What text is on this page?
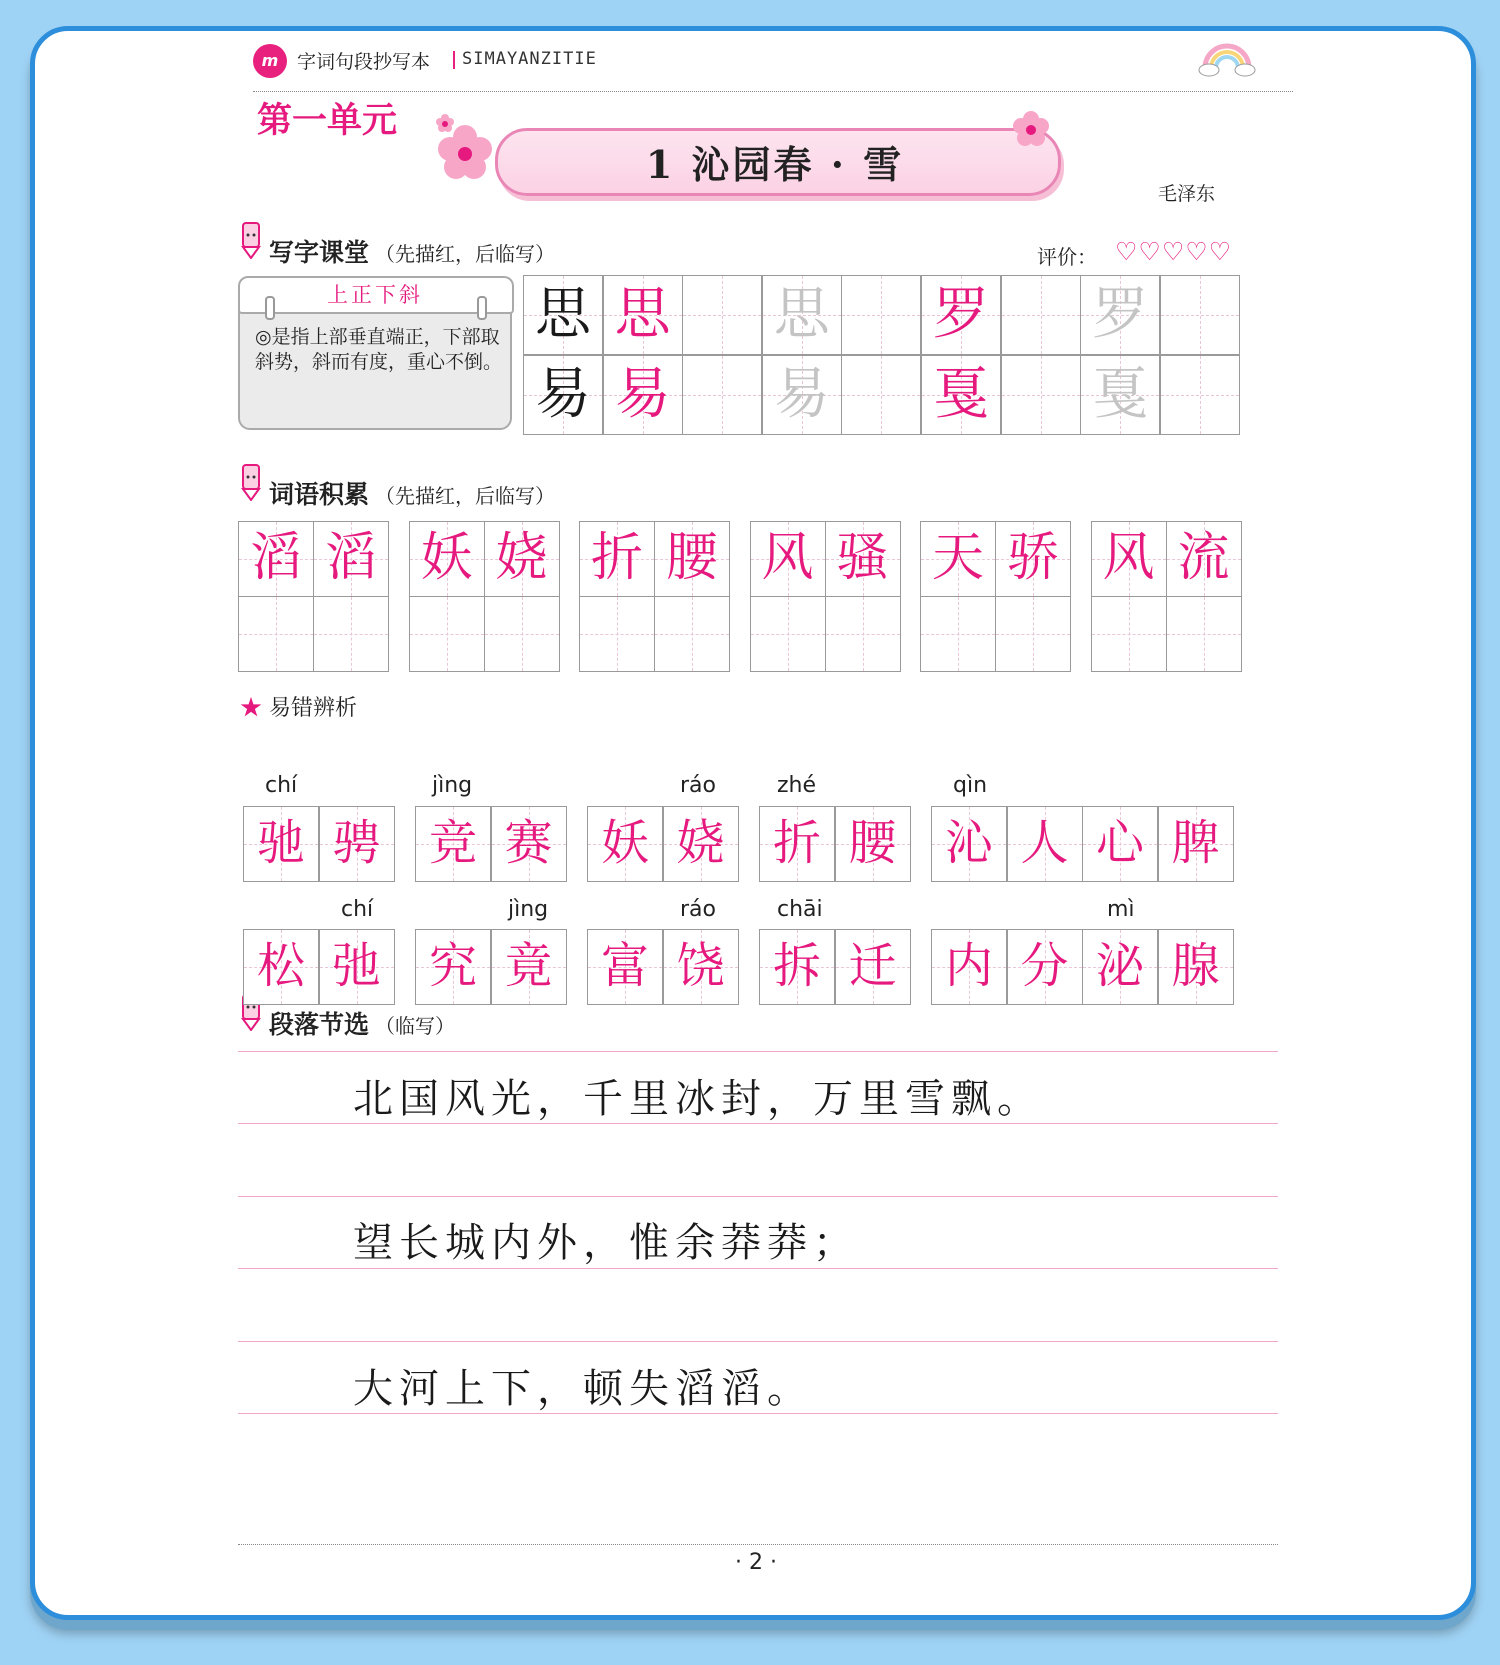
m 字词句段抄写本 SIMAYANZITIE
第一单元
1 沁园春 · 雪
毛泽东
写字课堂 （先描红，后临写）	评价： ♡♡♡♡♡
上正下斜
◎是指上部垂直端正，下部取斜势，斜而有度，重心不倒。
词语积累 （先描红，后临写）
★ 易错辨析
段落节选 （临写）
北国风光，千里冰封，万里雪飘。
望长城内外，惟余莽莽；
大河上下，顿失滔滔。
· 2 ·
思 思 思 罗 罗
易 易 易 戛 戛
滔 滔 妖 娆 折 腰 风 骚 天 骄 风 流
驰 骋
chí
竞 赛
jìng
妖 娆
ráo
折 腰
zhé
沁 人 心 脾
qìn
松 弛
chí
究 竟
jìng
富 饶
ráo
拆 迁
chāi
内 分 泌 腺
mì
